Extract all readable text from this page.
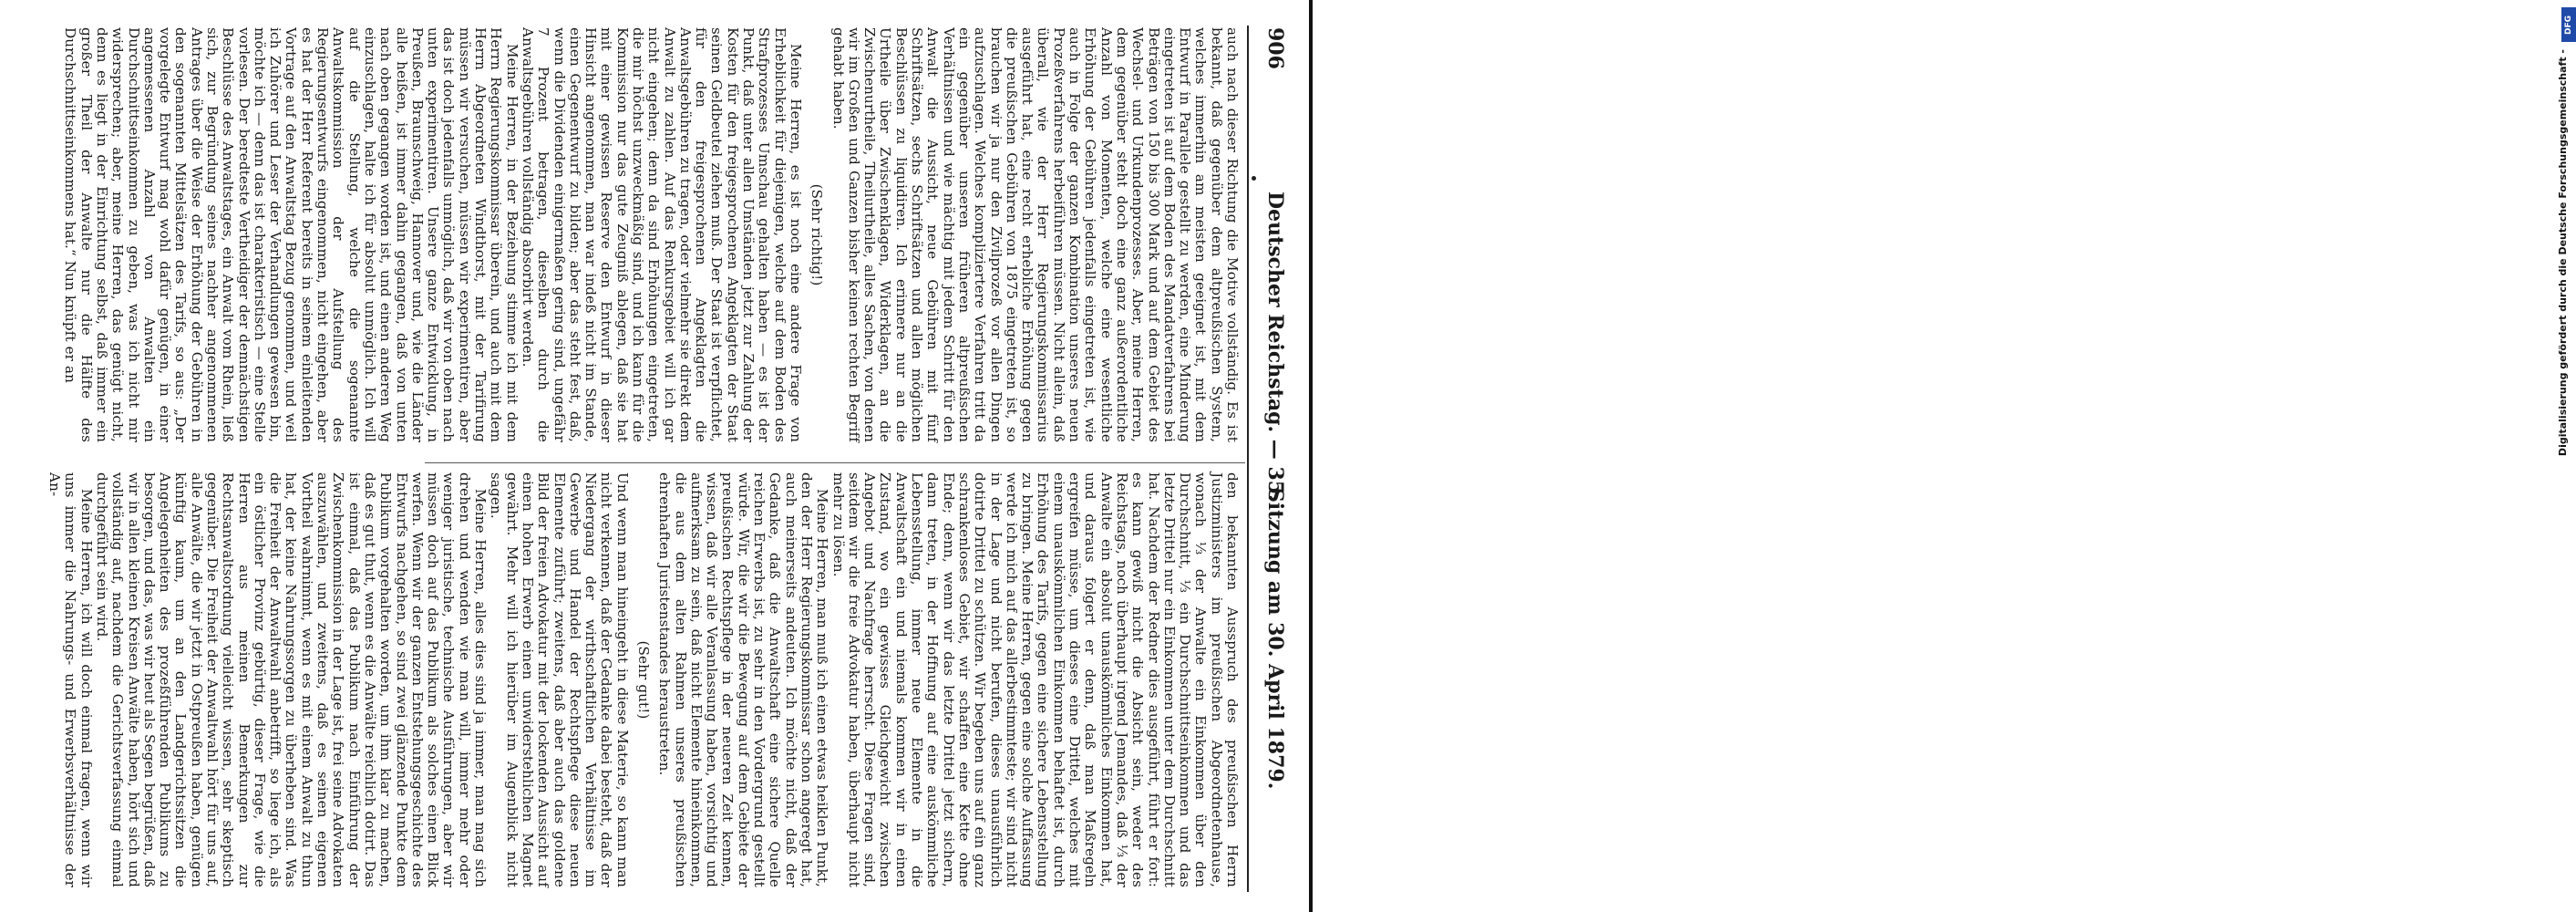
906
Deutscher Reichstag. — 35.
Sitzung am 30. April 1879.

auch nach dieser Richtung die Motive vollständig. Es ist bekannt, daß gegenüber dem altpreußischen System, welches immerhin am meisten geeignet ist, mit dem Entwurf in Parallele gestellt zu werden, eine Minderung eingetreten ist auf dem Boden des Mandatverfahrens bei Beträgen von 150 bis 300 Mark und auf dem Gebiet des Wechsel- und Urkundenprozesses. Aber, meine Herren, dem gegenüber steht doch eine ganz außerordentliche Anzahl von Momenten, welche eine wesentliche Erhöhung der Gebühren jedenfalls eingetreten ist, wie auch in Folge der ganzen Kombination unseres neuen Prozeßverfahrens herbeiführen müssen. Nicht allein, daß überall, wie der Herr Regierungskommissarius ausgeführt hat, eine recht erhebliche Erhöhung gegen die preußischen Gebühren von 1875 eingetreten ist, so brauchen wir ja nur den Zivilprozeß vor allen Dingen aufzuschlagen. Welches kompliziertere Verfahren tritt da ein gegenüber unseren früheren altpreußischen Verhältnissen und wie mächtig mit jedem Schritt für den Anwalt die Aussicht, neue Gebühren mit fünf Schriftsätzen, sechs Schriftsätzen und allen möglichen Beschlüssen zu liquidiren. Ich erinnere nur an die Urtheile über Zwischenklagen, Widerklagen, an die Zwischenurtheile, Theilurtheile, alles Sachen, von denen wir im Großen und Ganzen bisher keinen rechten Begriff gehabt haben.

(Sehr richtig!)

Meine Herren, es ist noch eine andere Frage von Erheblichkeit für diejenigen, welche auf dem Boden des Strafprozesses Umschau gehalten haben — es ist der Punkt, daß unter allen Umständen jetzt zur Zahlung der Kosten für den freigesprochenen Angeklagten der Staat seinen Geldbeutel ziehen muß. Der Staat ist verpflichtet, für den freigesprochenen Angeklagten die Anwaltsgebühren zu tragen, oder vielmehr sie direkt dem Anwalt zu zahlen. Auf das Renkursgebiet will ich gar nicht eingehen; denn da sind Erhöhungen eingetreten, die mir höchst unzweckmäßig sind, und ich kann für die Kommission nur das gute Zeugniß ablegen, daß sie hat mit einer gewissen Reserve den Entwurf in dieser Hinsicht angenommen, man war indeß nicht im Stande, einen Gegenentwurf zu bilden; aber das steht fest, daß, wenn die Dividenden einigermaßen gering sind, ungefähr 7 Prozent betragen, dieselben durch die Anwaltsgebühren vollständig absorbirt werden.

Meine Herren, in der Beziehung stimme ich mit dem Herrn Regierungskommissar überein, und auch mit dem Herrn Abgeordneten Windthorst, mit der Tarifirung müssen wir versuchen, müssen wir experimentiren, aber das ist doch jedenfalls unmöglich, daß wir von oben nach unten experimentiren. Unsere ganze Entwicklung, in Preußen, Braunschweig, Hannover und, wie die Länder alle heißen, ist immer dahin gegangen, daß von unten nach oben gegangen worden ist, und einen anderen Weg einzuschlagen, halte ich für absolut unmöglich. Ich will auf die Stellung, welche die sogenannte Anwaltskommission der Aufstellung des Regierungsentwurfs eingenommen, nicht eingehen, aber es hat der Herr Referent bereits in seinem einleitenden Vortrage auf den Anwaltstag Bezug genommen, und weil ich Zuhörer und Leser der Verhandlungen gewesen bin, möchte ich — denn das ist charakteristisch — eine Stelle vorlesen. Der beredteste Vertheidiger der demnächstigen Beschlüsse des Anwaltstages, ein Anwalt vom Rhein, ließ sich, zur Begründung seines nachher angenommenen Antrages über die Weise der Erhöhung der Gebühren in den sogenannten Mittelsätzen des Tarifs, so aus: „Der vorgelegte Entwurf mag wohl dafür genügen, in einer angemessenen Anzahl von Anwalten ein Durchschnittseinkommen zu geben, was ich nicht mir widersprechen; aber, meine Herren, das genügt nicht, denn es liegt in der Einrichtung selbst, daß immer ein großer Theil der Anwalte nur die Hälfte des Durchschnittseinkommens hat.“ Nun knüpft er an

den bekannten Ausspruch des preußischen Herrn Justizministers im preußischen Abgeordnetenhause, wonach ⅓ der Anwalte ein Einkommen über den Durchschnitt, ⅓ ein Durchschnittseinkommen und das letzte Drittel nur ein Einkommen unter dem Durchschnitt hat. Nachdem der Redner dies ausgeführt, führt er fort: es kann gewiß nicht die Absicht sein, weder des Reichstags, noch überhaupt irgend Jemandes, daß ⅓ der Anwalte ein absolut unauskömmliches Einkommen hat, und daraus folgert er denn, daß man Maßregeln ergreifen müsse, um dieses eine Drittel, welches mit einem unauskömmlichen Einkommen behaftet ist, durch Erhöhung des Tarifs, gegen eine sichere Lebensstellung zu bringen. Meine Herren, gegen eine solche Auffassung werde ich mich auf das allerbestimmteste; wir sind nicht in der Lage und nicht berufen, dieses unausführlich dotirte Drittel zu schützen. Wir begeben uns auf ein ganz schrankenloses Gebiet, wir schaffen eine Kette ohne Ende; denn, wenn wir das letzte Drittel jetzt sichern, dann treten, in der Hoffnung auf eine auskömmliche Lebensstellung, immer neue Elemente in die Anwaltschaft ein und niemals kommen wir in einen Zustand, wo ein gewisses Gleichgewicht zwischen Angebot und Nachfrage herrscht. Diese Fragen sind, seitdem wir die freie Advokatur haben, überhaupt nicht mehr zu lösen.

Meine Herren, man muß ich einen etwas heiklen Punkt, den der Herr Regierungskommissar schon angeregt hat, auch meinerseits andeuten. Ich möchte nicht, daß der Gedanke, daß die Anwaltschaft eine sichere Quelle reichen Erwerbs ist, zu sehr in den Vordergrund gestellt würde. Wir, die wir die Bewegung auf dem Gebiete der preußischen Rechtspflege in der neueren Zeit kennen, wissen, daß wir alle Veranlassung haben, vorsichtig und aufmerksam zu sein, daß nicht Elemente hineinkommen, die aus dem alten Rahmen unseres preußischen ehrenhaften Juristenstandes heraustreten.

(Sehr gut!)

Und wenn man hineingeht in diese Materie, so kann man nicht verkennen, daß der Gedanke dabei besteht, daß der Niedergang der wirthschaftlichen Verhältnisse im Gewerbe und Handel der Rechtspflege diese neuen Elemente zuführt; zweitens, daß aber auch das goldene Bild der freien Advokatur mit der lockenden Aussicht auf einen hohen Erwerb einen unwiderstehlichen Magnet gewährt. Mehr will ich hierüber im Augenblick nicht sagen.

Meine Herren, alles dies sind ja immer, man mag sich drehen und wenden wie man will, immer mehr oder weniger juristische, technische Ausführungen, aber wir müssen doch auf das Publikum als solches einen Blick werfen. Wenn wir der ganzen Entstehungsgeschichte des Entwurfs nachgehen, so sind zwei glänzende Punkte dem Publikum vorgehalten worden, um ihm klar zu machen, daß es gut thut, wenn es die Anwälte reichlich dotirt. Das ist einmal, daß das Publikum nach Einführung der Zwischenkommission in der Lage ist, frei seine Advokaten auszuwählen, und zweitens, daß es seinen eigenen Vortheil wahrnimmt, wenn es mit einem Anwalt zu thun hat, der keine Nahrungssorgen zu überheben sind. Was die Freiheit der Anwaltwahl anbetrifft, so liege ich, als ein östlicher Provinz gebürtig, dieser Frage, wie die Herren aus meinen Bemerkungen zur Rechtsanwaltsordnung vielleicht wissen, sehr skeptisch gegenüber. Die Freiheit der Anwaltwahl hört für uns auf, alle Anwälte, die wir jetzt in Ostpreußen haben, genügen künftig kaum, um an den Landgerichtssitzen die Angelegenheiten des prozeßführenden Publikums zu besorgen, und das, was wir heut als Segen begrüßen, daß wir in allen kleinen Kreisen Anwälte haben, hört sich und vollständig auf, nachdem die Gerichtsverfassung einmal durchgeführt sein wird.

Meine Herren, ich will doch einmal fragen, wenn wir uns immer die Nahrungs- und Erwerbsverhältnisse der An-

DFG
Digitalisierung gefördert durch die Deutsche Forschungsgemeinschaft -
